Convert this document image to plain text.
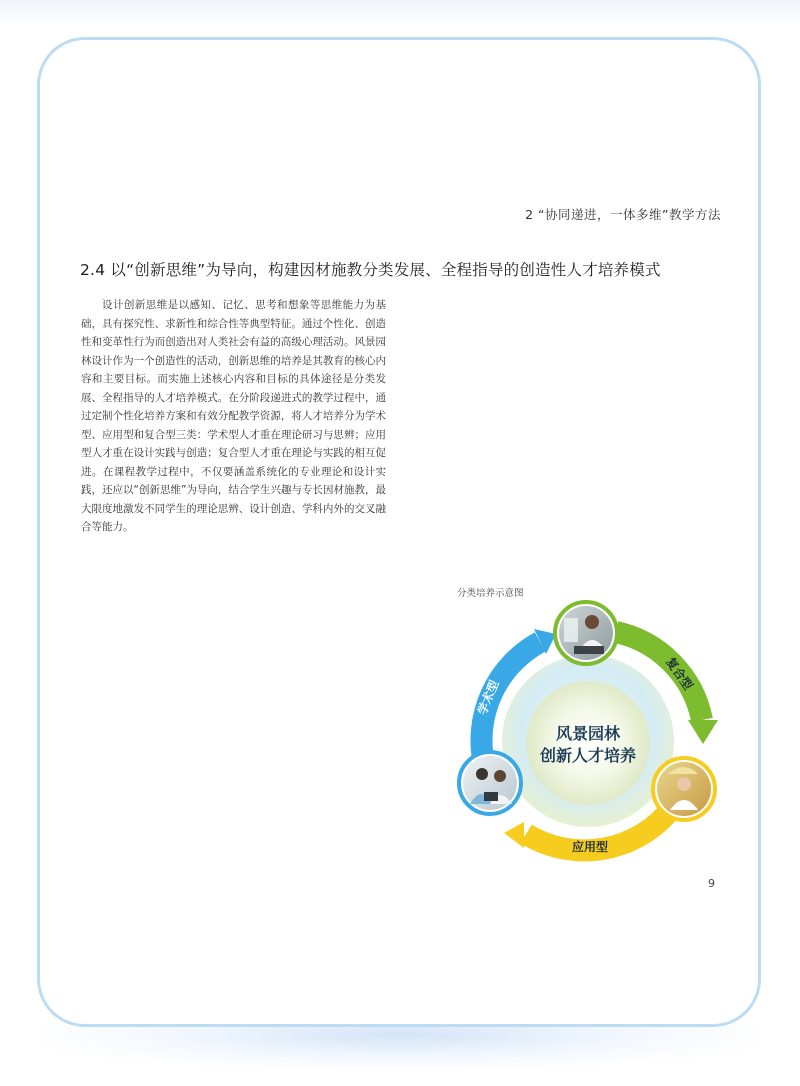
2 “协同递进，一体多维”教学方法
2.4 以“创新思维”为导向，构建因材施教分类发展、全程指导的创造性人才培养模式

设计创新思维是以感知、记忆、思考和想象等思维能力为基础，具有探究性、求新性和综合性等典型特征。通过个性化、创造性和变革性行为而创造出对人类社会有益的高级心理活动。风景园林设计作为一个创造性的活动，创新思维的培养是其教育的核心内容和主要目标。而实施上述核心内容和目标的具体途径是分类发展、全程指导的人才培养模式。在分阶段递进式的教学过程中，通过定制个性化培养方案和有效分配教学资源，将人才培养分为学术型、应用型和复合型三类：学术型人才重在理论研习与思辨；应用型人才重在设计实践与创造；复合型人才重在理论与实践的相互促进。在课程教学过程中，不仅要涵盖系统化的专业理论和设计实践，还应以“创新思维”为导向，结合学生兴趣与专长因材施教，最大限度地激发不同学生的理论思辨、设计创造、学科内外的交叉融合等能力。

分类培养示意图
复合型
应用型
学术型
风景园林
创新人才培养
9
